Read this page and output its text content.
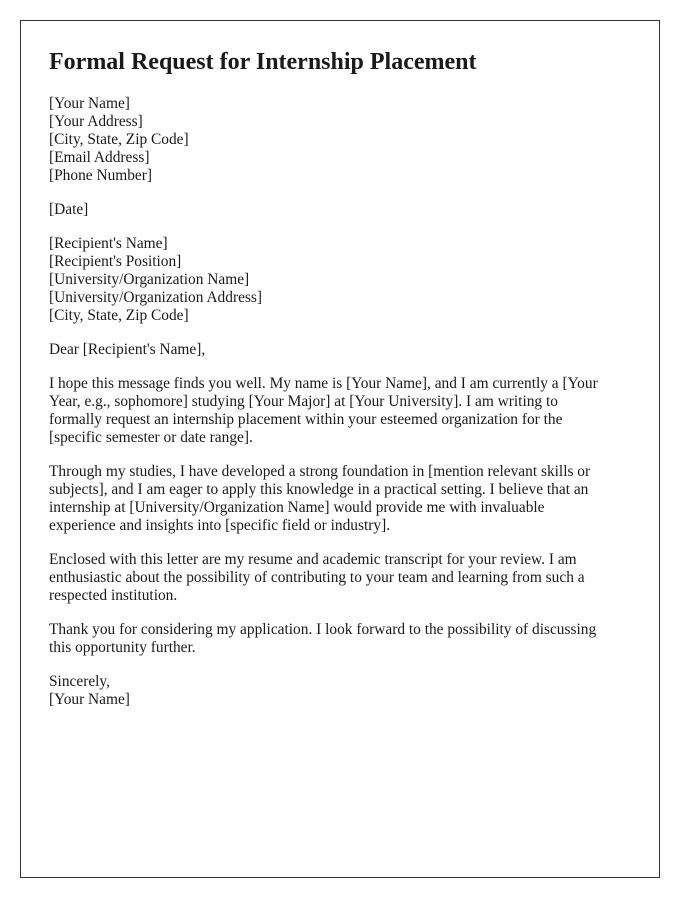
Formal Request for Internship Placement
[Your Name]
[Your Address]
[City, State, Zip Code]
[Email Address]
[Phone Number]
[Date]
[Recipient's Name]
[Recipient's Position]
[University/Organization Name]
[University/Organization Address]
[City, State, Zip Code]
Dear [Recipient's Name],
I hope this message finds you well. My name is [Your Name], and I am currently a [Your
Year, e.g., sophomore] studying [Your Major] at [Your University]. I am writing to
formally request an internship placement within your esteemed organization for the
[specific semester or date range].
Through my studies, I have developed a strong foundation in [mention relevant skills or
subjects], and I am eager to apply this knowledge in a practical setting. I believe that an
internship at [University/Organization Name] would provide me with invaluable
experience and insights into [specific field or industry].
Enclosed with this letter are my resume and academic transcript for your review. I am
enthusiastic about the possibility of contributing to your team and learning from such a
respected institution.
Thank you for considering my application. I look forward to the possibility of discussing
this opportunity further.
Sincerely,
[Your Name]
